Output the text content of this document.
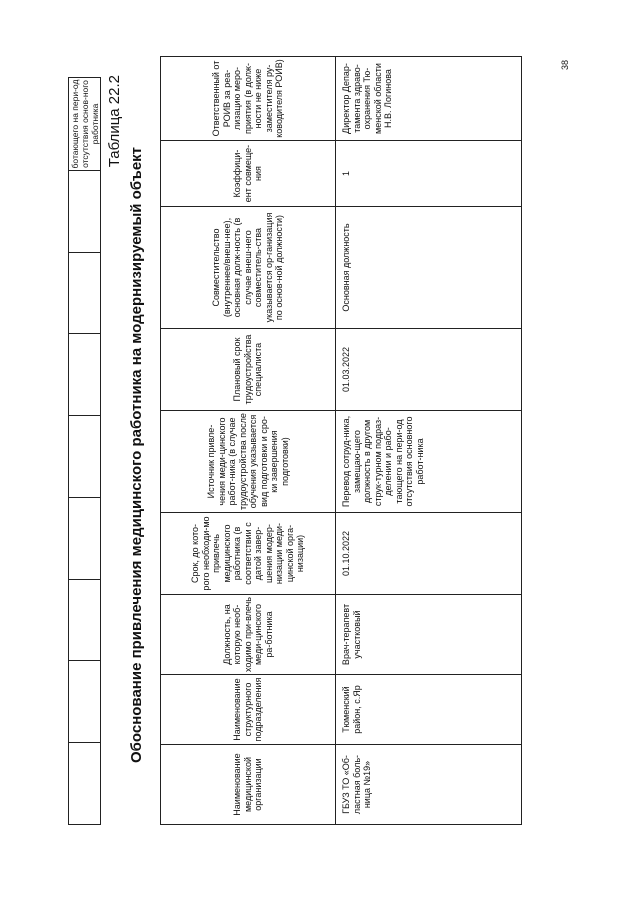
								ботающего на пери-од отсутствия основ-ного работника Таблица 22.2
Обоснование привлечения медицинского работника на модернизируемый объект
Наименование медицинской организации	Наименование структурного подразделения	Должность, на которую необ-ходимо при-влечь меди-цинского ра-ботника	Срок, до кото-рого необходи-мо привлечь медицинского работника (в соответствии с датой завер-шения модер-низации меди-цинской орга-низации)	Источник привле-чения меди-цинского работ-ника (в случае трудоустройства после обучения указывается вид подготовки и сро-ки завершения подготовки)	Плановый срок трудоустройства специалиста	Совместительство (внутреннее/внеш-нее), основная долж-ность (в случае внеш-него совместитель-ства указывается ор-ганизация по основ-ной должности)	Коэффици-ент совмеще-ния	Ответственный от РОИВ за реа-лизацию меро-приятия (в долж-ности не ниже заместителя ру-ководителя РОИВ)
ГБУЗ ТО «Об-ластная боль-ница №19»	Тюменский район, с.Яр	Врач-терапевт участковый	01.10.2022	Перевод сотруд-ника, замещаю-щего должность в другом струк-турном подраз-делении и рабо-тающего на пери-од отсутствия основного работ-ника	01.03.2022	Основная должность	1	Директор Депар-тамента здраво-охранения Тю-менской области Н.В. Логинова
38
